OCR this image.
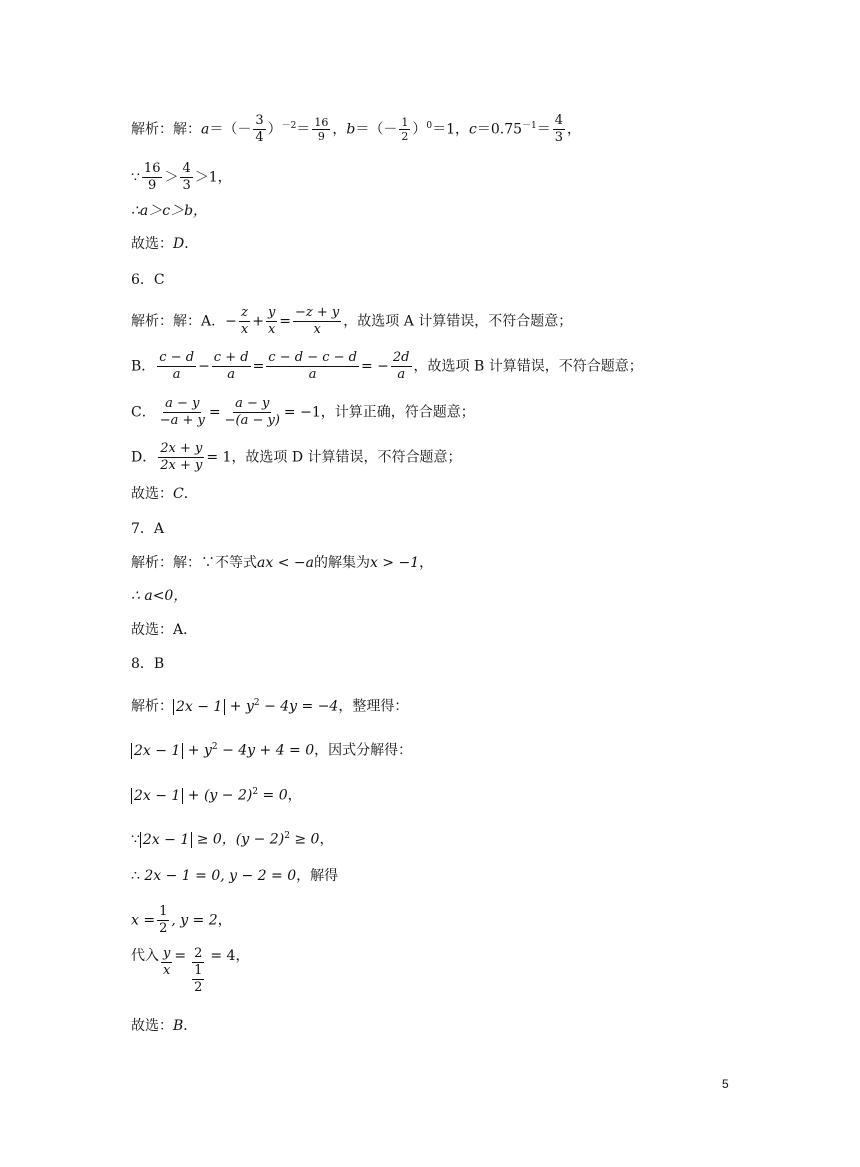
解析：解：$a=(- \frac{3}{4} )^{-2}= \frac{16}{9}$ ，$b=(- \frac{1}{2} )^0=1$，$c=0.75^{-1}= \frac{4}{3}$ ，
∵ $\frac{16}{9} > \frac{4}{3} >1$，
∴a＞c＞b，
故选：D．
6．C
解析：解：A．− $\frac{z}{x} + \frac{y}{x} = \frac{-z + y}{x}$ ，故选项 A 计算错误，不符合题意；
B． $\frac{c - d}{a} - \frac{c + d}{a} = \frac{c - d - c - d}{a}$ = − $\frac{2d}{a}$ ，故选项 B 计算错误，不符合题意；
C． $\frac{a - y}{-a + y} = \frac{a - y}{-(a - y)} = -1$，计算正确，符合题意；
D． $\frac{2x + y}{2x + y} = 1$，故选项 D 计算错误，不符合题意；
故选：C．
7．A
解析：解：∵不等式ax < −a的解集为x > −1，
∴ a<0，
故选：A．
8．B
解析： $2x - 1 + y^2 - 4y = -4$，整理得：
$2x - 1 + y^2 - 4y + 4 = 0$，因式分解得：
$2x - 1 + (y - 2)^2 = 0$，
∵ 2x − 1 ≥ 0，$(y - 2)^2 \ge 0$，
∴ 2x − 1 = 0, y − 2 = 0，解得
$x = \frac{1}{2}$ , y = 2，
代入 $\frac{y}{x} = \frac{2}{\frac{1}{2}} = 4$，
故选：B．
5
